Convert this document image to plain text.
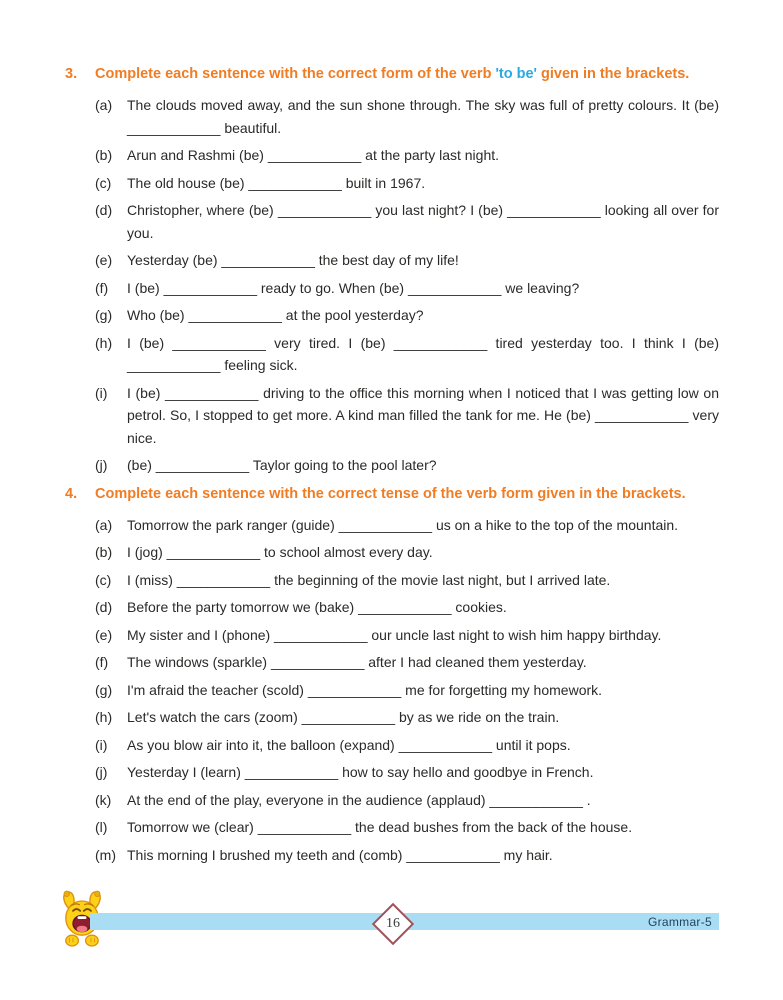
3.	Complete each sentence with the correct form of the verb 'to be' given in the brackets.
(a)	The clouds moved away, and the sun shone through. The sky was full of pretty colours. It (be) ____________ beautiful.
(b)	Arun and Rashmi (be) ____________ at the party last night.
(c)	The old house (be) ____________ built in 1967.
(d)	Christopher, where (be) ____________ you last night? I (be) ____________ looking all over for you.
(e)	Yesterday (be) ____________ the best day of my life!
(f)	I (be) ____________ ready to go. When (be) ____________ we leaving?
(g)	Who (be) ____________ at the pool yesterday?
(h)	I (be) ____________ very tired. I (be) ____________ tired yesterday too. I think I (be) ____________ feeling sick.
(i)	I (be) ____________ driving to the office this morning when I noticed that I was getting low on petrol. So, I stopped to get more. A kind man filled the tank for me. He (be) ____________ very nice.
(j)	(be) ____________ Taylor going to the pool later?
4.	Complete each sentence with the correct tense of the verb form given in the brackets.
(a)	Tomorrow the park ranger (guide) ____________ us on a hike to the top of the mountain.
(b)	I (jog) ____________ to school almost every day.
(c)	I (miss) ____________ the beginning of the movie last night, but I arrived late.
(d)	Before the party tomorrow we (bake) ____________ cookies.
(e)	My sister and I (phone) ____________ our uncle last night to wish him happy birthday.
(f)	The windows (sparkle) ____________ after I had cleaned them yesterday.
(g)	I'm afraid the teacher (scold) ____________ me for forgetting my homework.
(h)	Let's watch the cars (zoom) ____________ by as we ride on the train.
(i)	As you blow air into it, the balloon (expand) ____________ until it pops.
(j)	Yesterday I (learn) ____________ how to say hello and goodbye in French.
(k)	At the end of the play, everyone in the audience (applaud) ____________ .
(l)	Tomorrow we (clear) ____________ the dead bushes from the back of the house.
(m) This morning I brushed my teeth and (comb) ____________ my hair.
Grammar-5
16
